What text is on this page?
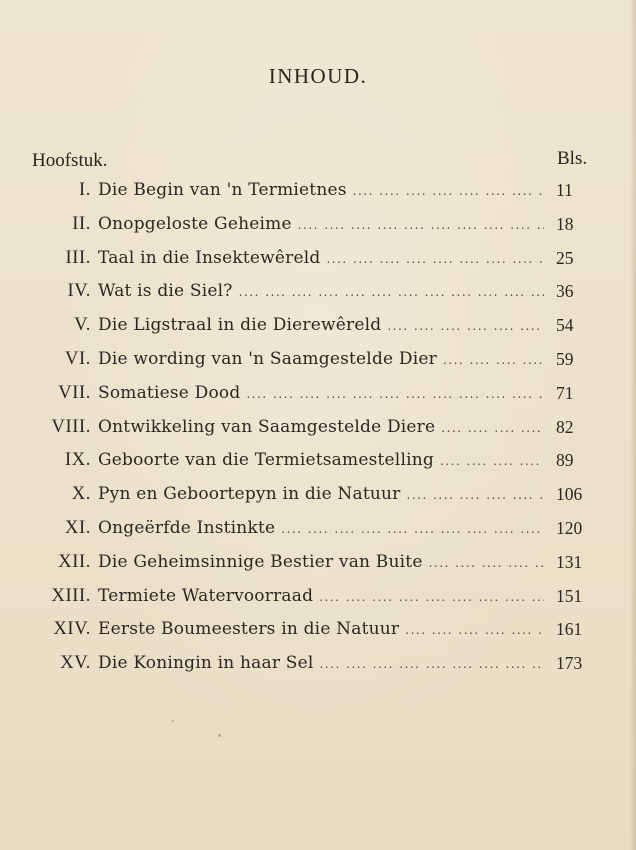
INHOUD.
Hoofstuk.	Bls.
I. Die Begin van 'n Termietnes ....	11
II. Onopgeloste Geheime ....	18
III. Taal in die Insektewêreld ....	25
IV. Wat is die Siel? ....	36
V. Die Ligstraal in die Dierewêreld ....	54
VI. Die wording van 'n Saamgestelde Dier ....	59
VII. Somatiese Dood ....	71
VIII. Ontwikkeling van Saamgestelde Diere ....	82
IX. Geboorte van die Termietsamestelling ....	89
X. Pyn en Geboortepyn in die Natuur ....	106
XI. Ongeërfde Instinkte ....	120
XII. Die Geheimsinnige Bestier van Buite ....	131
XIII. Termiete Watervoorraad ....	151
XIV. Eerste Boumeesters in die Natuur ....	161
XV. Die Koningin in haar Sel ....	173
